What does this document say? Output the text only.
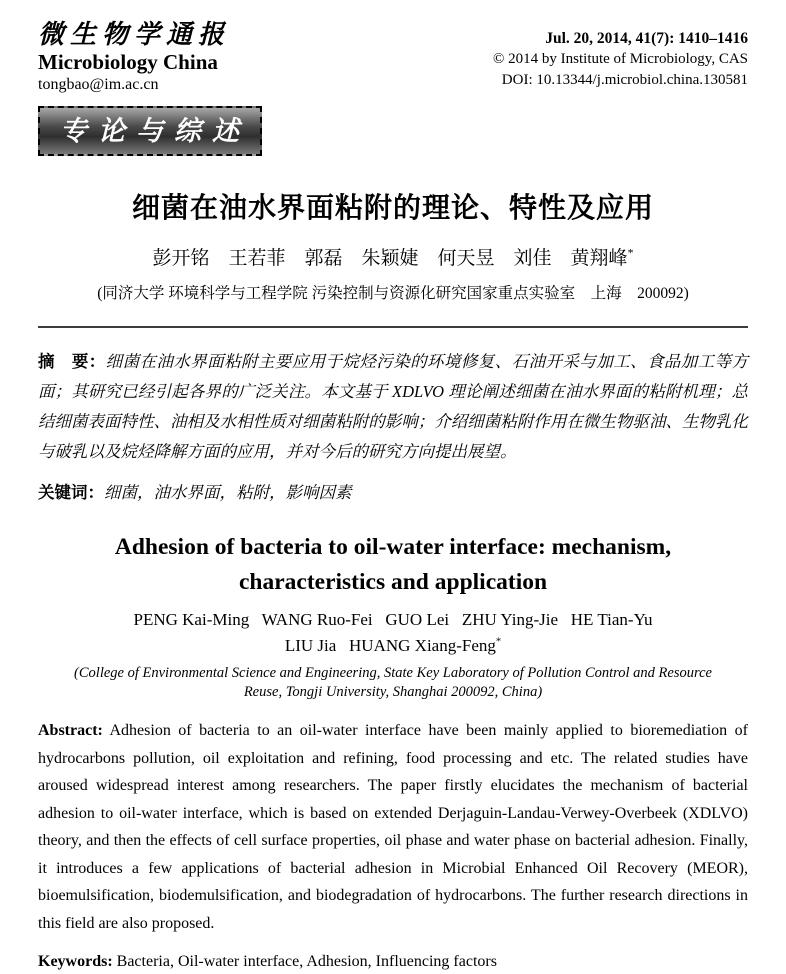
微生物学通报
Microbiology China
tongbao@im.ac.cn
Jul. 20, 2014, 41(7): 1410–1416
© 2014 by Institute of Microbiology, CAS
DOI: 10.13344/j.microbiol.china.130581
专论与综述
细菌在油水界面粘附的理论、特性及应用
彭开铭　王若菲　郭磊　朱颖婕　何天昱　刘佳　黄翔峰*
(同济大学 环境科学与工程学院 污染控制与资源化研究国家重点实验室　上海　200092)

摘　要：细菌在油水界面粘附主要应用于烷烃污染的环境修复、石油开采与加工、食品加工等方面；其研究已经引起各界的广泛关注。本文基于 XDLVO 理论阐述细菌在油水界面的粘附机理；总结细菌表面特性、油相及水相性质对细菌粘附的影响；介绍细菌粘附作用在微生物驱油、生物乳化与破乳以及烷烃降解方面的应用，并对今后的研究方向提出展望。

关键词：细菌，油水界面，粘附，影响因素

Adhesion of bacteria to oil-water interface: mechanism,
characteristics and application
PENG Kai-Ming   WANG Ruo-Fei   GUO Lei   ZHU Ying-Jie   HE Tian-Yu
LIU Jia   HUANG Xiang-Feng*
(College of Environmental Science and Engineering, State Key Laboratory of Pollution Control and Resource
Reuse, Tongji University, Shanghai 200092, China)

Abstract: Adhesion of bacteria to an oil-water interface have been mainly applied to bioremediation of hydrocarbons pollution, oil exploitation and refining, food processing and etc. The related studies have aroused widespread interest among researchers. The paper firstly elucidates the mechanism of bacterial adhesion to oil-water interface, which is based on extended Derjaguin-Landau-Verwey-Overbeek (XDLVO) theory, and then the effects of cell surface properties, oil phase and water phase on bacterial adhesion. Finally, it introduces a few applications of bacterial adhesion in Microbial Enhanced Oil Recovery (MEOR), bioemulsification, biodemulsification, and biodegradation of hydrocarbons. The further research directions in this field are also proposed.

Keywords: Bacteria, Oil-water interface, Adhesion, Influencing factors
